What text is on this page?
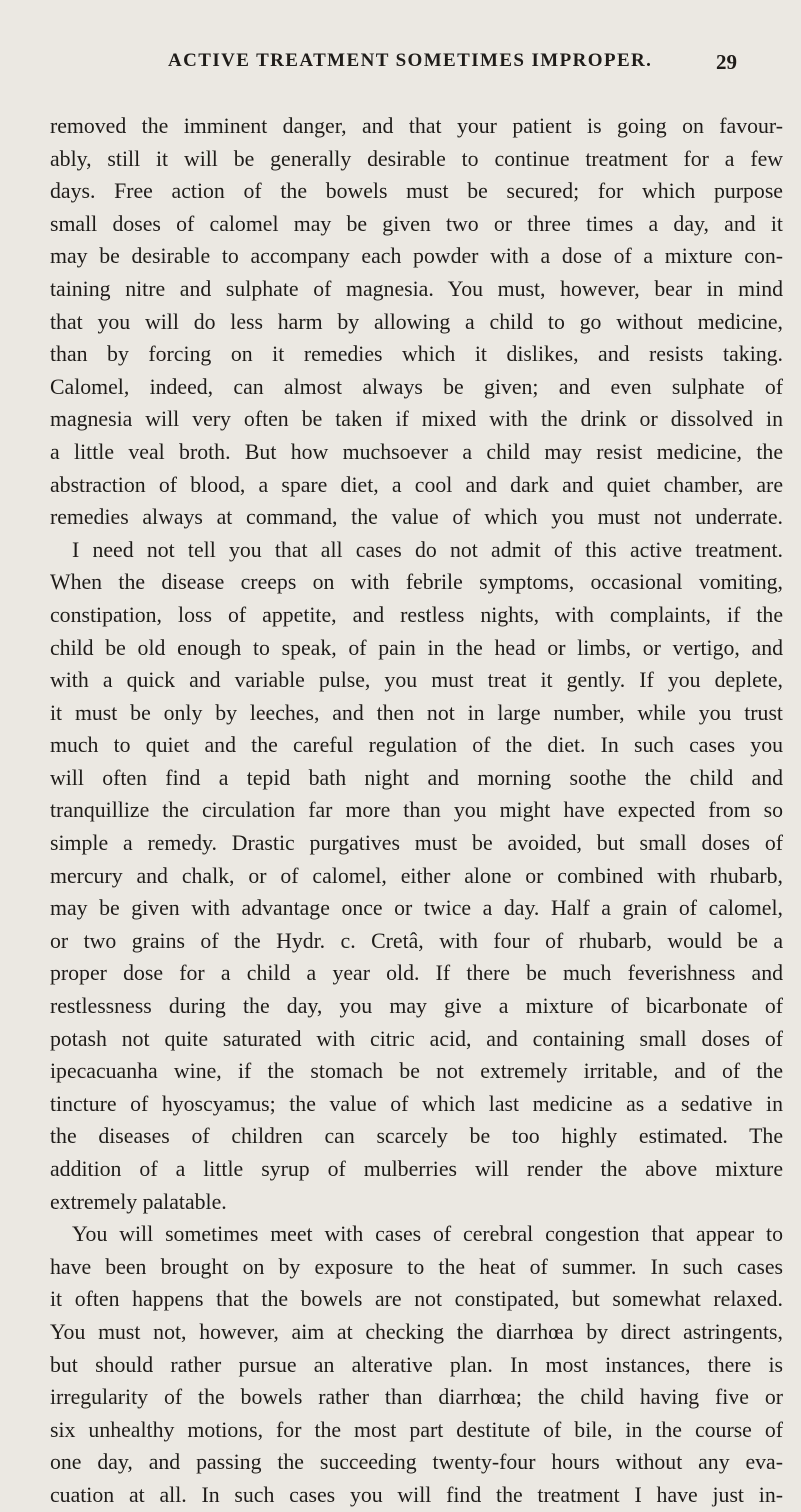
ACTIVE TREATMENT SOMETIMES IMPROPER.	29
removed the imminent danger, and that your patient is going on favour-
ably, still it will be generally desirable to continue treatment for a few
days. Free action of the bowels must be secured; for which purpose
small doses of calomel may be given two or three times a day, and it
may be desirable to accompany each powder with a dose of a mixture con-
taining nitre and sulphate of magnesia. You must, however, bear in mind
that you will do less harm by allowing a child to go without medicine,
than by forcing on it remedies which it dislikes, and resists taking.
Calomel, indeed, can almost always be given; and even sulphate of
magnesia will very often be taken if mixed with the drink or dissolved in
a little veal broth. But how muchsoever a child may resist medicine, the
abstraction of blood, a spare diet, a cool and dark and quiet chamber, are
remedies always at command, the value of which you must not underrate.
I need not tell you that all cases do not admit of this active treatment.
When the disease creeps on with febrile symptoms, occasional vomiting,
constipation, loss of appetite, and restless nights, with complaints, if the
child be old enough to speak, of pain in the head or limbs, or vertigo, and
with a quick and variable pulse, you must treat it gently. If you deplete,
it must be only by leeches, and then not in large number, while you trust
much to quiet and the careful regulation of the diet. In such cases you
will often find a tepid bath night and morning soothe the child and
tranquillize the circulation far more than you might have expected from so
simple a remedy. Drastic purgatives must be avoided, but small doses of
mercury and chalk, or of calomel, either alone or combined with rhubarb,
may be given with advantage once or twice a day. Half a grain of calomel,
or two grains of the Hydr. c. Cretâ, with four of rhubarb, would be a
proper dose for a child a year old. If there be much feverishness and
restlessness during the day, you may give a mixture of bicarbonate of
potash not quite saturated with citric acid, and containing small doses of
ipecacuanha wine, if the stomach be not extremely irritable, and of the
tincture of hyoscyamus; the value of which last medicine as a sedative in
the diseases of children can scarcely be too highly estimated. The
addition of a little syrup of mulberries will render the above mixture
extremely palatable.
You will sometimes meet with cases of cerebral congestion that appear to
have been brought on by exposure to the heat of summer. In such cases
it often happens that the bowels are not constipated, but somewhat relaxed.
You must not, however, aim at checking the diarrhœa by direct astringents,
but should rather pursue an alterative plan. In most instances, there is
irregularity of the bowels rather than diarrhœa; the child having five or
six unhealthy motions, for the most part destitute of bile, in the course of
one day, and passing the succeeding twenty-four hours without any eva-
cuation at all. In such cases you will find the treatment I have just in-
